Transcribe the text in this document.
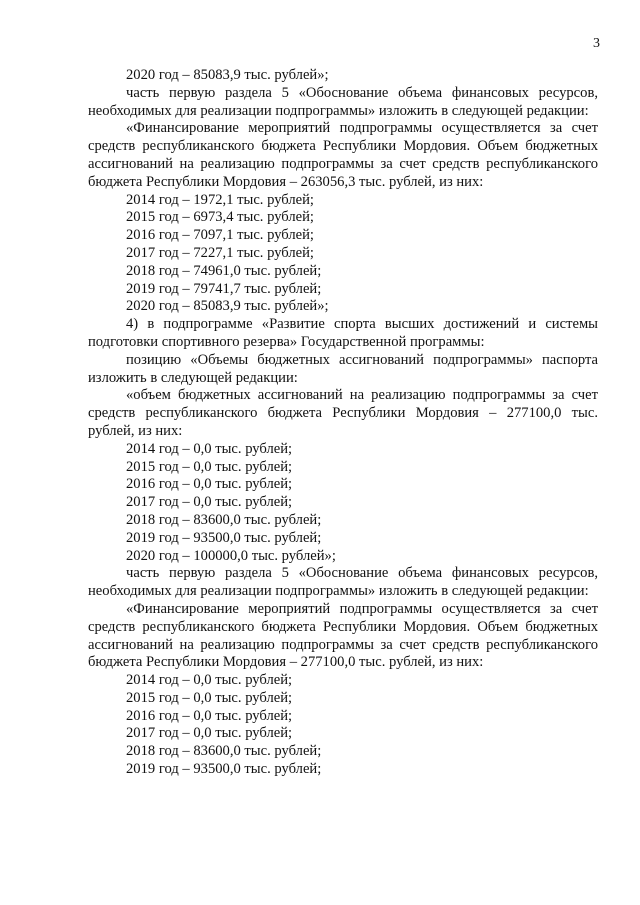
3

2020 год – 85083,9 тыс. рублей»;

часть первую раздела 5 «Обоснование объема финансовых ресурсов, необходимых для реализации подпрограммы» изложить в следующей редакции:

«Финансирование мероприятий подпрограммы осуществляется за счет средств республиканского бюджета Республики Мордовия. Объем бюджетных ассигнований на реализацию подпрограммы за счет средств республиканского бюджета Республики Мордовия – 263056,3 тыс. рублей, из них:

2014 год – 1972,1 тыс. рублей;

2015 год – 6973,4 тыс. рублей;

2016 год – 7097,1 тыс. рублей;

2017 год – 7227,1 тыс. рублей;

2018 год – 74961,0 тыс. рублей;

2019 год – 79741,7 тыс. рублей;

2020 год – 85083,9 тыс. рублей»;

4) в подпрограмме «Развитие спорта высших достижений и системы подготовки спортивного резерва» Государственной программы:

позицию «Объемы бюджетных ассигнований подпрограммы» паспорта изложить в следующей редакции:

«объем бюджетных ассигнований на реализацию подпрограммы за счет средств республиканского бюджета Республики Мордовия – 277100,0 тыс. рублей, из них:

2014 год – 0,0 тыс. рублей;

2015 год – 0,0 тыс. рублей;

2016 год – 0,0 тыс. рублей;

2017 год – 0,0 тыс. рублей;

2018 год – 83600,0 тыс. рублей;

2019 год – 93500,0 тыс. рублей;

2020 год – 100000,0 тыс. рублей»;

часть первую раздела 5 «Обоснование объема финансовых ресурсов, необходимых для реализации подпрограммы» изложить в следующей редакции:

«Финансирование мероприятий подпрограммы осуществляется за счет средств республиканского бюджета Республики Мордовия. Объем бюджетных ассигнований на реализацию подпрограммы за счет средств республиканского бюджета Республики Мордовия – 277100,0 тыс. рублей, из них:

2014 год – 0,0 тыс. рублей;

2015 год – 0,0 тыс. рублей;

2016 год – 0,0 тыс. рублей;

2017 год – 0,0 тыс. рублей;

2018 год – 83600,0 тыс. рублей;

2019 год – 93500,0 тыс. рублей;
